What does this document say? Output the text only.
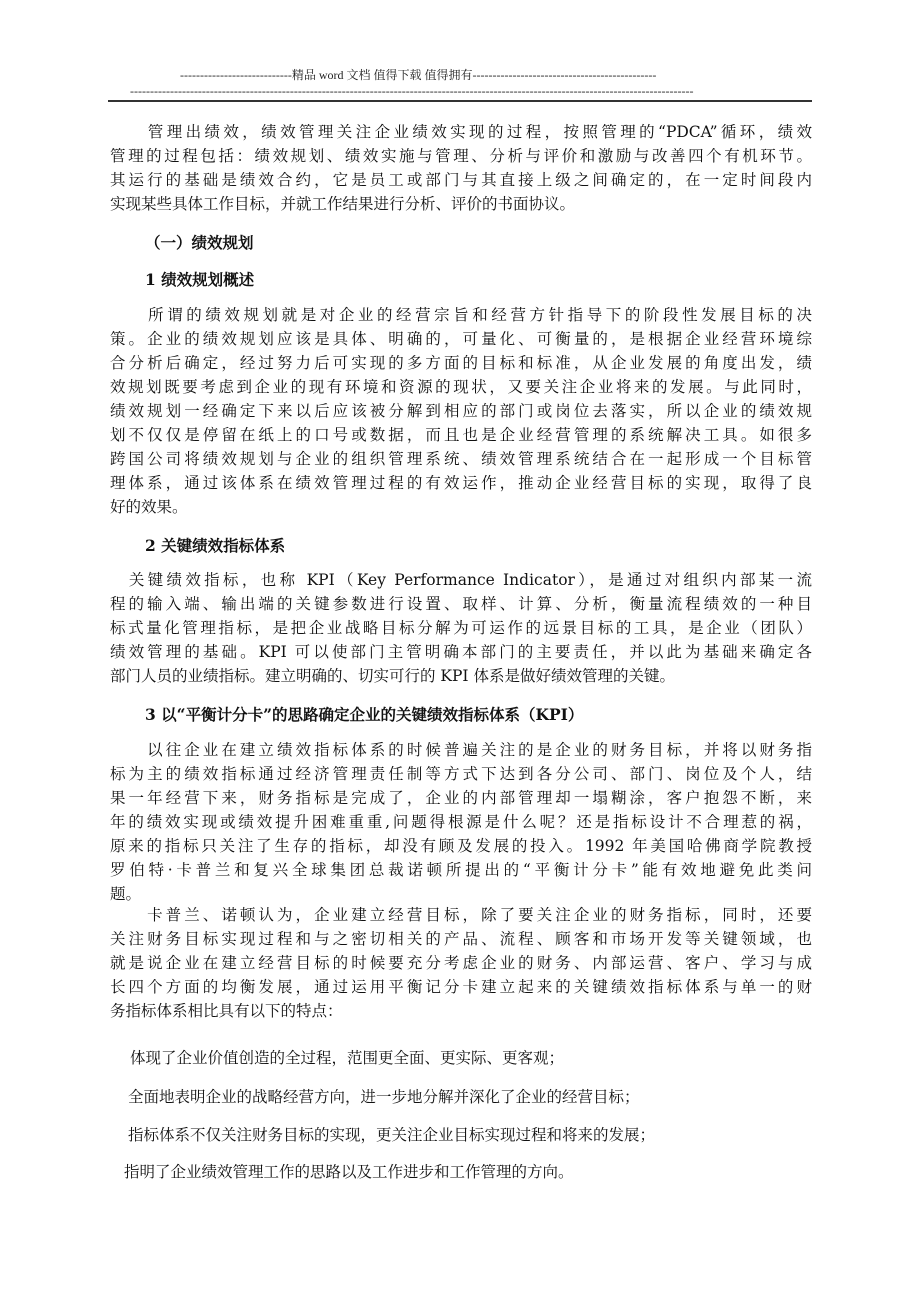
----------------------------精品 word 文档 值得下载 值得拥有----------------------------------------------
---------------------------------------------------------------------------------------------------------------------------------------------
　　管理出绩效，绩效管理关注企业绩效实现的过程，按照管理的“PDCA”循环，绩效
管理的过程包括：绩效规划、绩效实施与管理、分析与评价和激励与改善四个有机环节。
其运行的基础是绩效合约，它是员工或部门与其直接上级之间确定的，在一定时间段内
实现某些具体工作目标，并就工作结果进行分析、评价的书面协议。
（一）绩效规划
1 绩效规划概述
　　所谓的绩效规划就是对企业的经营宗旨和经营方针指导下的阶段性发展目标的决
策。企业的绩效规划应该是具体、明确的，可量化、可衡量的，是根据企业经营环境综
合分析后确定，经过努力后可实现的多方面的目标和标准，从企业发展的角度出发，绩
效规划既要考虑到企业的现有环境和资源的现状，又要关注企业将来的发展。与此同时，
绩效规划一经确定下来以后应该被分解到相应的部门或岗位去落实，所以企业的绩效规
划不仅仅是停留在纸上的口号或数据，而且也是企业经营管理的系统解决工具。如很多
跨国公司将绩效规划与企业的组织管理系统、绩效管理系统结合在一起形成一个目标管
理体系，通过该体系在绩效管理过程的有效运作，推动企业经营目标的实现，取得了良
好的效果。
2 关键绩效指标体系
　关键绩效指标，也称 KPI（Key Performance Indicator），是通过对组织内部某一流
程的输入端、输出端的关键参数进行设置、取样、计算、分析，衡量流程绩效的一种目
标式量化管理指标，是把企业战略目标分解为可运作的远景目标的工具，是企业（团队）
绩效管理的基础。KPI 可以使部门主管明确本部门的主要责任，并以此为基础来确定各
部门人员的业绩指标。建立明确的、切实可行的 KPI 体系是做好绩效管理的关键。
3 以“平衡计分卡”的思路确定企业的关键绩效指标体系（KPI）
　　以往企业在建立绩效指标体系的时候普遍关注的是企业的财务目标，并将以财务指
标为主的绩效指标通过经济管理责任制等方式下达到各分公司、部门、岗位及个人，结
果一年经营下来，财务指标是完成了，企业的内部管理却一塌糊涂，客户抱怨不断，来
年的绩效实现或绩效提升困难重重,问题得根源是什么呢？还是指标设计不合理惹的祸，
原来的指标只关注了生存的指标，却没有顾及发展的投入。1992 年美国哈佛商学院教授
罗伯特·卡普兰和复兴全球集团总裁诺顿所提出的“平衡计分卡”能有效地避免此类问
题。
　　卡普兰、诺顿认为，企业建立经营目标，除了要关注企业的财务指标，同时，还要
关注财务目标实现过程和与之密切相关的产品、流程、顾客和市场开发等关键领域，也
就是说企业在建立经营目标的时候要充分考虑企业的财务、内部运营、客户、学习与成
长四个方面的均衡发展，通过运用平衡记分卡建立起来的关键绩效指标体系与单一的财
务指标体系相比具有以下的特点：
体现了企业价值创造的全过程，范围更全面、更实际、更客观；
全面地表明企业的战略经营方向，进一步地分解并深化了企业的经营目标；
指标体系不仅关注财务目标的实现，更关注企业目标实现过程和将来的发展；
指明了企业绩效管理工作的思路以及工作进步和工作管理的方向。
